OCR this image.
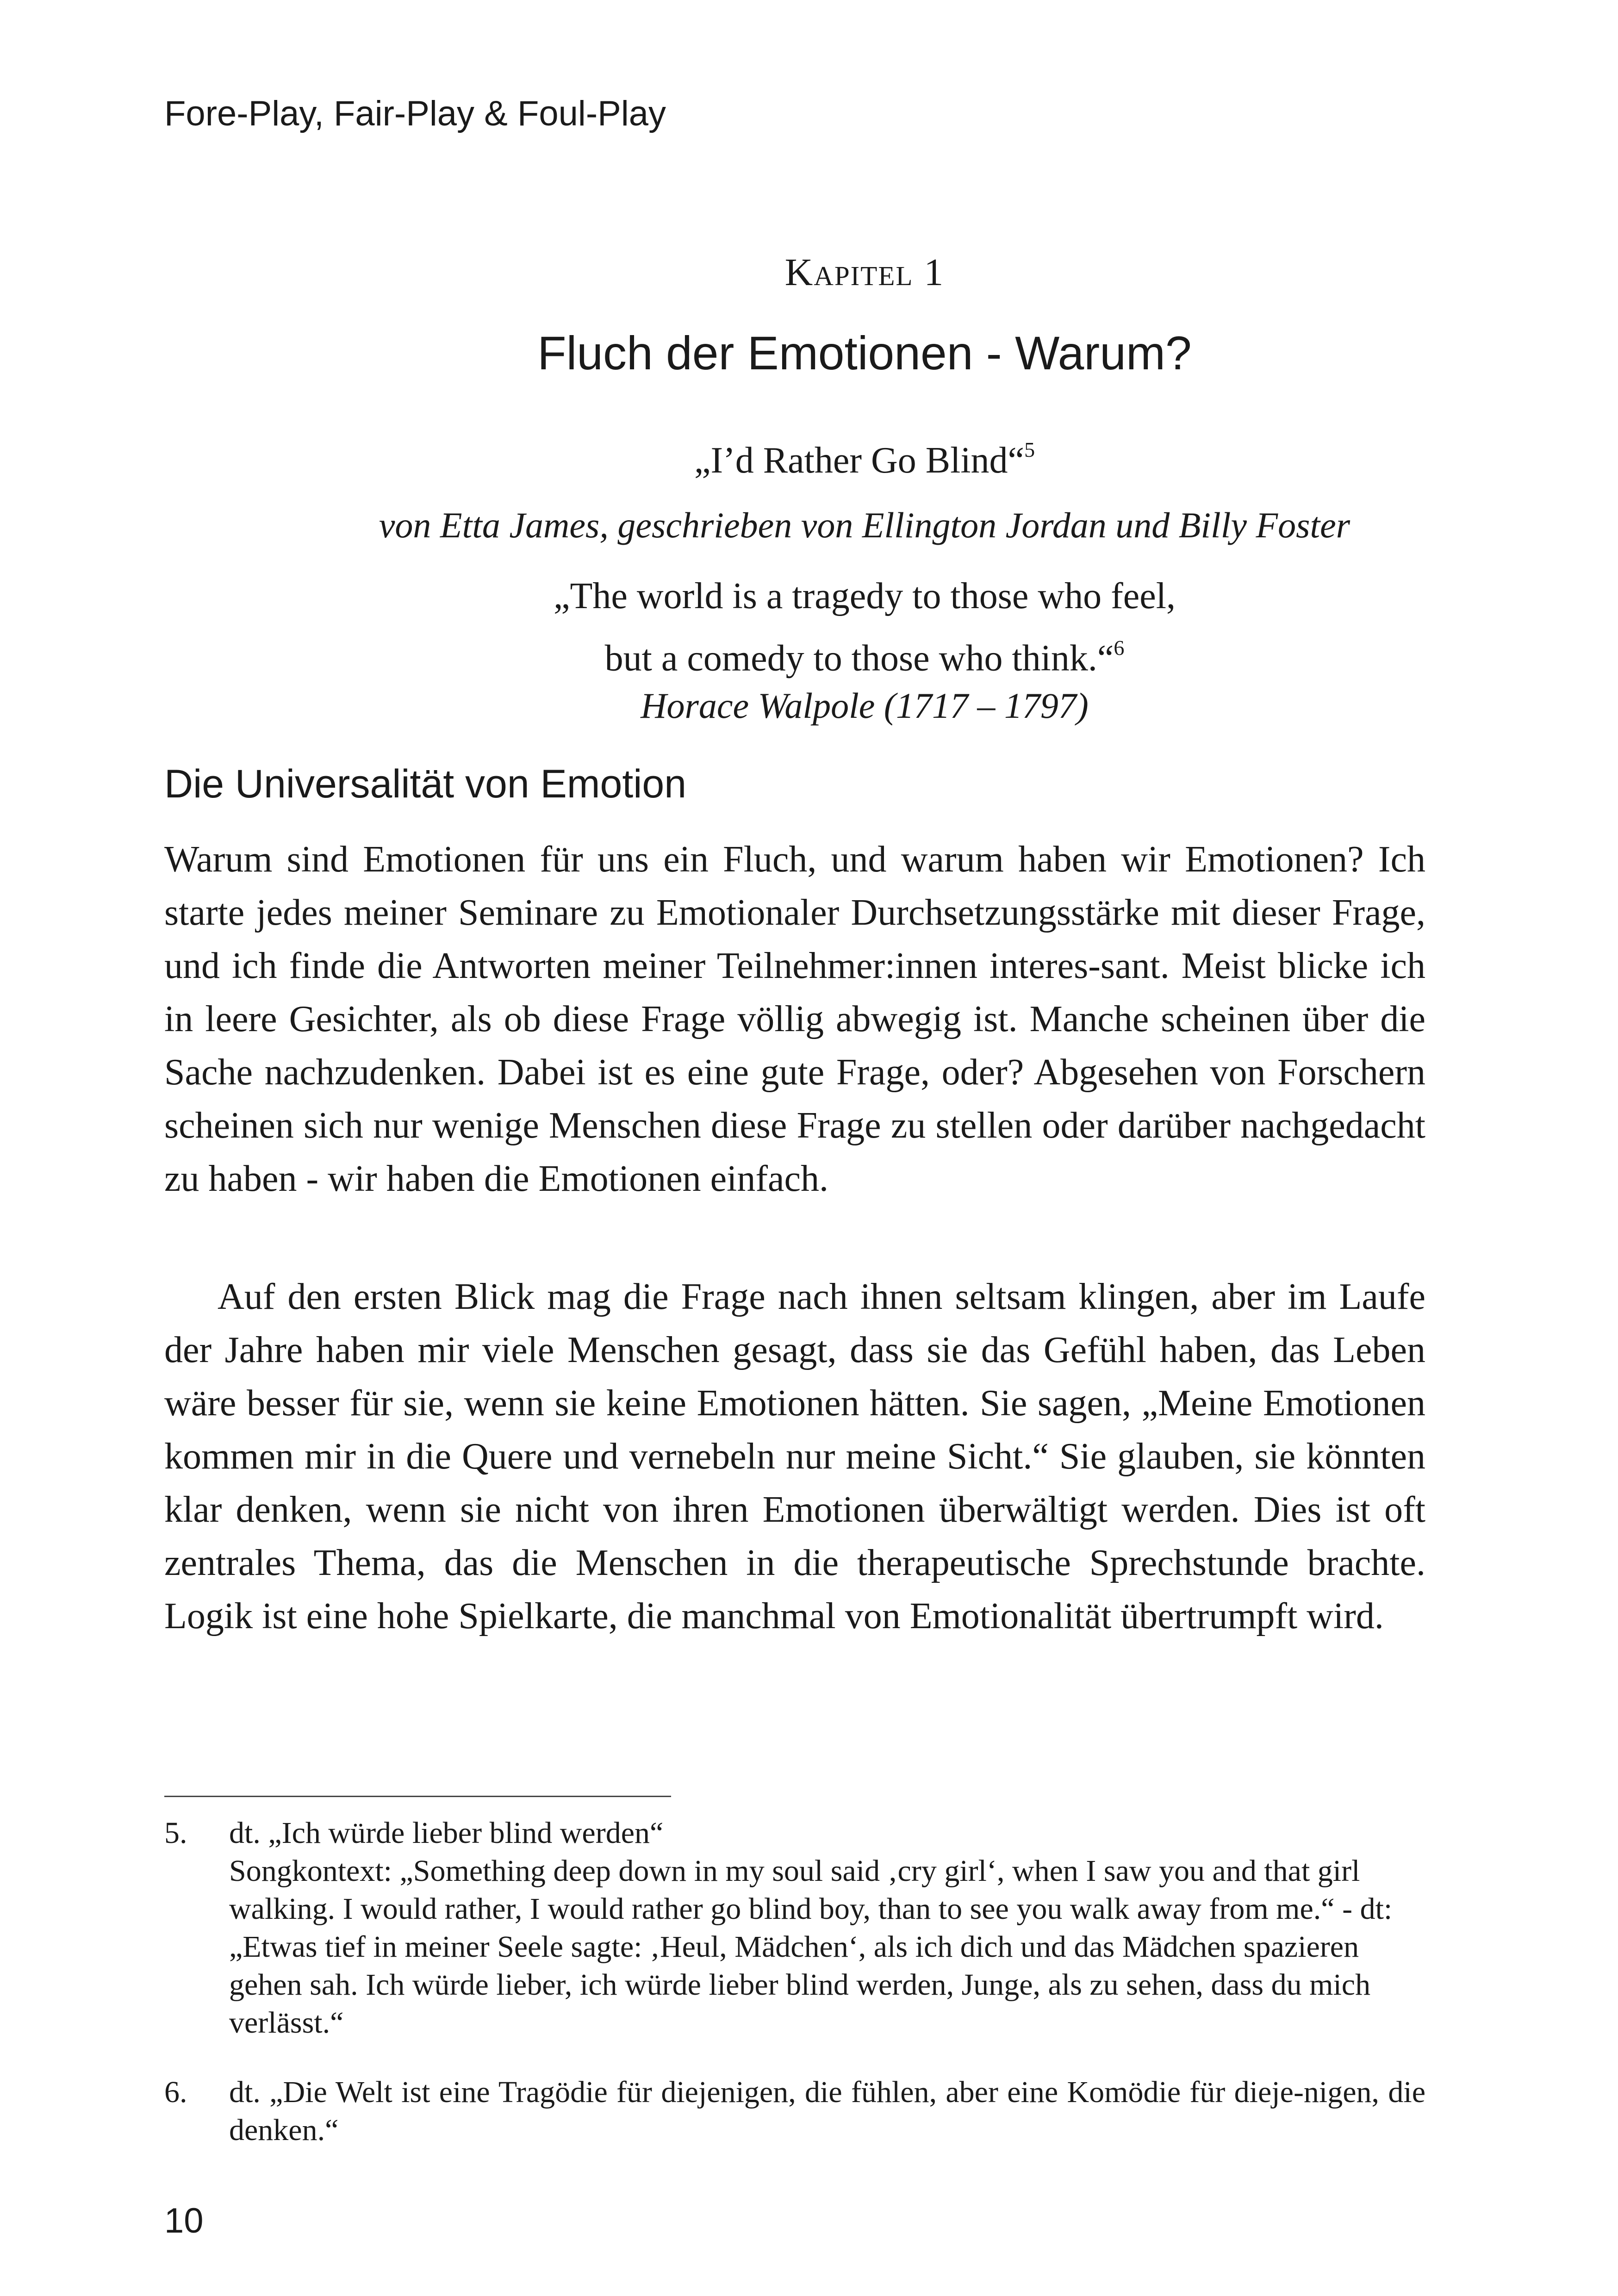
Fore-Play, Fair-Play & Foul-Play
Kapitel 1
Fluch der Emotionen - Warum?
„I’d Rather Go Blind“$^5$
von Etta James, geschrieben von Ellington Jordan und Billy Foster
„The world is a tragedy to those who feel,
but a comedy to those who think.“$^6$
Horace Walpole (1717 – 1797)
Die Universalität von Emotion

Warum sind Emotionen für uns ein Fluch, und warum haben wir Emotionen? Ich starte jedes meiner Seminare zu Emotionaler Durchsetzungsstärke mit dieser Frage, und ich finde die Antworten meiner Teilnehmer:innen interes-sant. Meist blicke ich in leere Gesichter, als ob diese Frage völlig abwegig ist. Manche scheinen über die Sache nachzudenken. Dabei ist es eine gute Frage, oder? Abgesehen von Forschern scheinen sich nur wenige Menschen diese Frage zu stellen oder darüber nachgedacht zu haben - wir haben die Emotionen einfach.

Auf den ersten Blick mag die Frage nach ihnen seltsam klingen, aber im Laufe der Jahre haben mir viele Menschen gesagt, dass sie das Gefühl haben, das Leben wäre besser für sie, wenn sie keine Emotionen hätten. Sie sagen, „Meine Emotionen kommen mir in die Quere und vernebeln nur meine Sicht.“ Sie glauben, sie könnten klar denken, wenn sie nicht von ihren Emotionen überwältigt werden. Dies ist oft zentrales Thema, das die Menschen in die therapeutische Sprechstunde brachte. Logik ist eine hohe Spielkarte, die manchmal von Emotionalität übertrumpft wird.

5. dt. „Ich würde lieber blind werden“
Songkontext: „Something deep down in my soul said ‚cry girl‘, when I saw you and that girl walking. I would rather, I would rather go blind boy, than to see you walk away from me.“ - dt: „Etwas tief in meiner Seele sagte: ‚Heul, Mädchen‘, als ich dich und das Mädchen spazieren gehen sah. Ich würde lieber, ich würde lieber blind werden, Junge, als zu sehen, dass du mich verlässt.“
6. dt. „Die Welt ist eine Tragödie für diejenigen, die fühlen, aber eine Komödie für dieje-nigen, die denken.“
10
